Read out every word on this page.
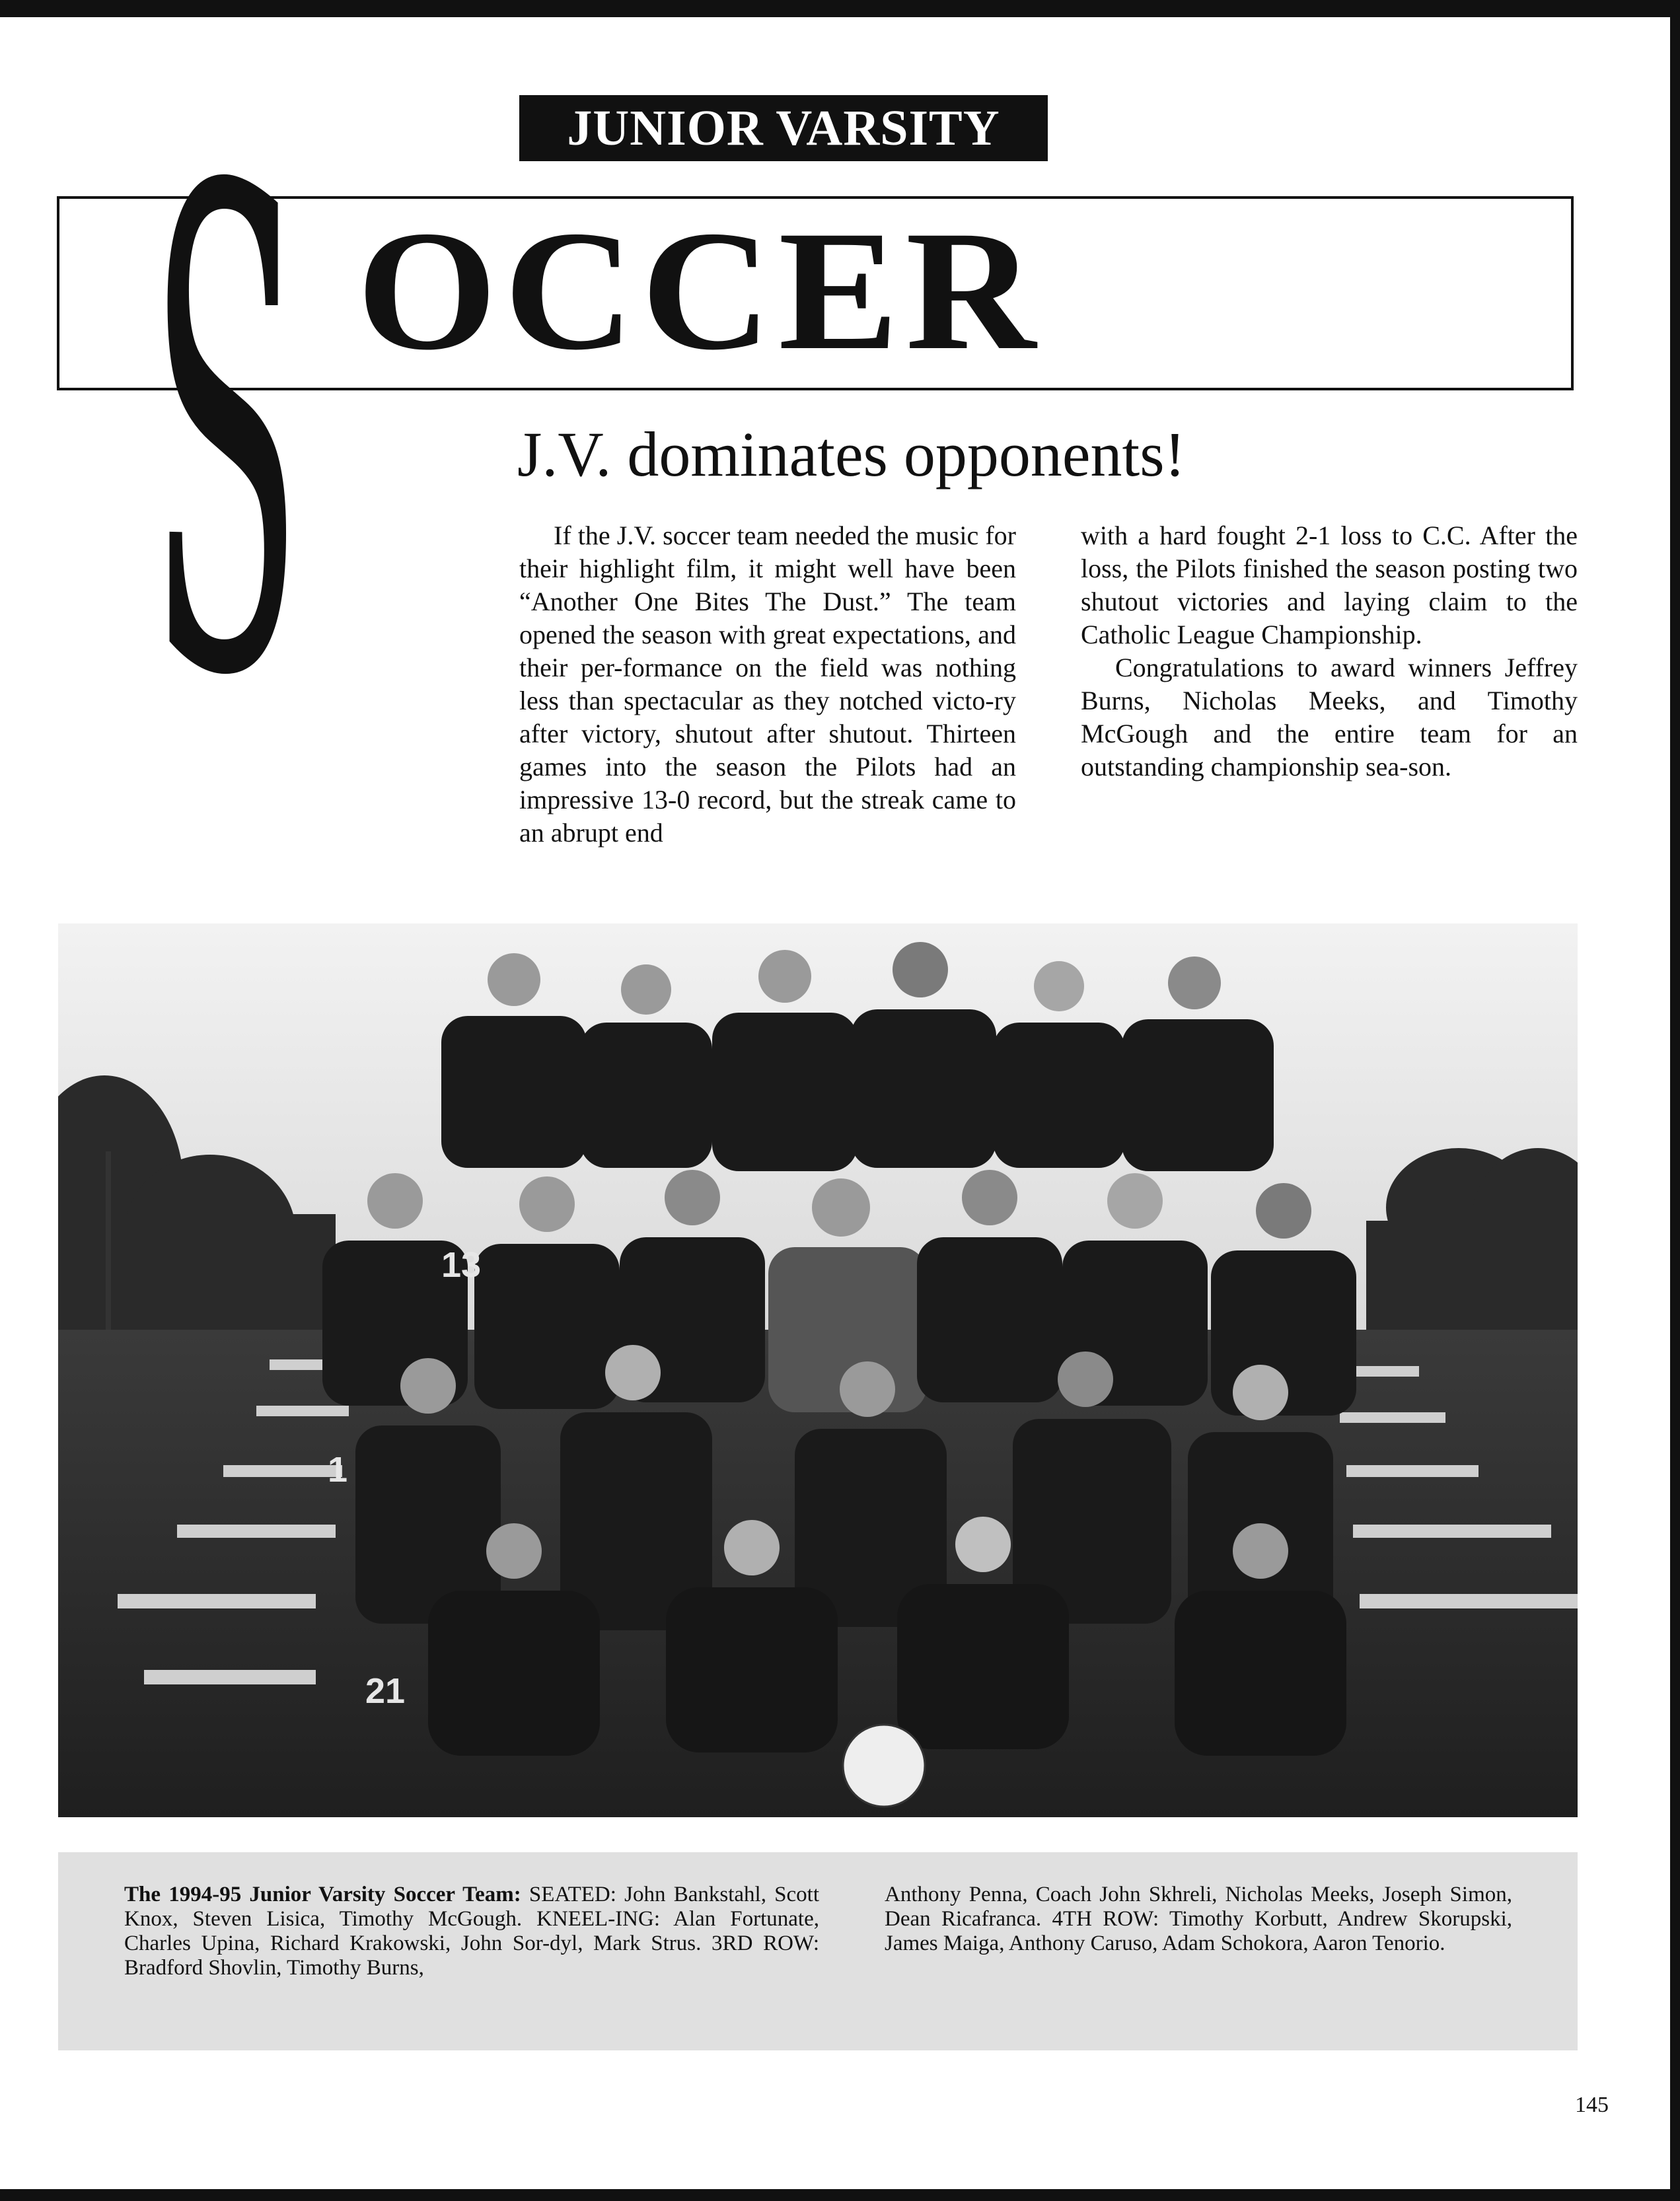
JUNIOR VARSITY
S OCCER
J.V. dominates opponents!

If the J.V. soccer team needed the music for their highlight film, it might well have been “Another One Bites The Dust.” The team opened the season with great expectations, and their per-formance on the field was nothing less than spectacular as they notched victo-ry after victory, shutout after shutout. Thirteen games into the season the Pilots had an impressive 13-0 record, but the streak came to an abrupt end

with a hard fought 2-1 loss to C.C. After the loss, the Pilots finished the season posting two shutout victories and laying claim to the Catholic League Championship.

Congratulations to award winners Jeffrey Burns, Nicholas Meeks, and Timothy McGough and the entire team for an outstanding championship sea-son.

13
21
1
The 1994-95 Junior Varsity Soccer Team: SEATED: John Bankstahl, Scott Knox, Steven Lisica, Timothy McGough. KNEEL-ING: Alan Fortunate, Charles Upina, Richard Krakowski, John Sor-dyl, Mark Strus. 3RD ROW: Bradford Shovlin, Timothy Burns,
Anthony Penna, Coach John Skhreli, Nicholas Meeks, Joseph Simon, Dean Ricafranca. 4TH ROW: Timothy Korbutt, Andrew Skorupski, James Maiga, Anthony Caruso, Adam Schokora, Aaron Tenorio.
145
